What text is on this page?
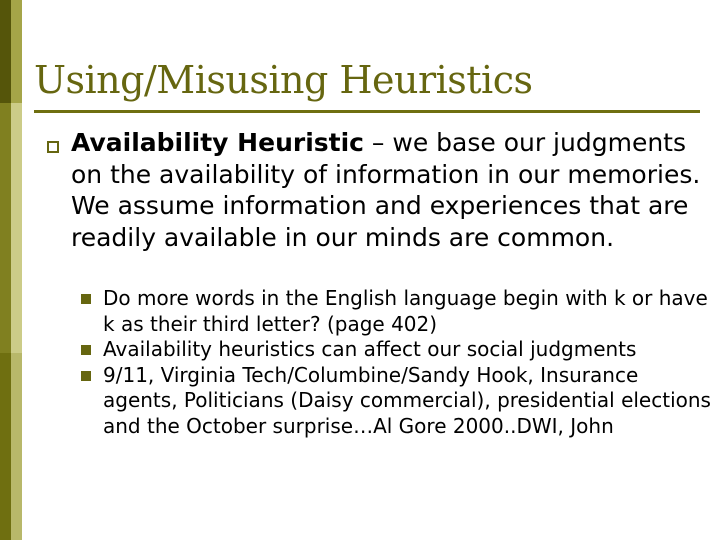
Using/Misusing Heuristics

Availability Heuristic – we base our judgments on the availability of information in our memories. We assume information and experiences that are readily available in our minds are common.

Do more words in the English language begin with k or have k as their third letter? (page 402)
Availability heuristics can affect our social judgments
9/11, Virginia Tech/Columbine/Sandy Hook, Insurance agents, Politicians (Daisy commercial), presidential elections and the October surprise…Al Gore 2000..DWI, John
